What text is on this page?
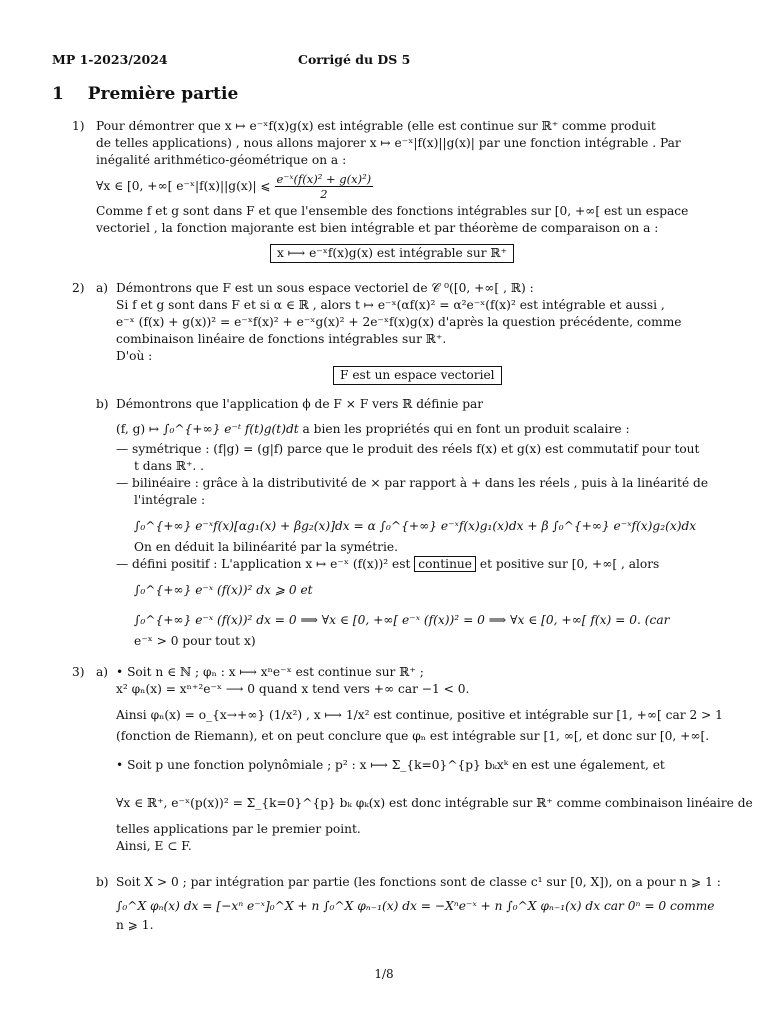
MP 1-2023/2024	Corrigé du DS 5
1 Première partie
1) Pour démontrer que x ↦ e⁻ˣf(x)g(x) est intégrable (elle est continue sur ℝ⁺ comme produit
de telles applications) , nous allons majorer x ↦ e⁻ˣ|f(x)||g(x)| par une fonction intégrable . Par
inégalité arithmético-géométrique on a :
∀x ∈ [0, +∞[ e⁻ˣ|f(x)||g(x)| ⩽ $\frac{\text{e⁻ˣ(f(x)² + g(x)²)}}{2}$
Comme f et g sont dans F et que l'ensemble des fonctions intégrables sur [0, +∞[ est un espace
vectoriel , la fonction majorante est bien intégrable et par théorème de comparaison on a :
x ⟼ e⁻ˣf(x)g(x) est intégrable sur ℝ⁺
2) a) Démontrons que F est un sous espace vectoriel de 𝒞 ⁰([0, +∞[ , ℝ) :
Si f et g sont dans F et si α ∈ ℝ , alors t ↦ e⁻ˣ(αf(x)² = α²e⁻ˣ(f(x)² est intégrable et aussi ,
e⁻ˣ (f(x) + g(x))² = e⁻ˣf(x)² + e⁻ˣg(x)² + 2e⁻ˣf(x)g(x) d'après la question précédente, comme
combinaison linéaire de fonctions intégrables sur ℝ⁺.
D'où :
F est un espace vectoriel
b) Démontrons que l'application ϕ de F × F vers ℝ définie par
(f, g) ↦ ∫₀^{+∞} e⁻ᵗ f(t)g(t)dt a bien les propriétés qui en font un produit scalaire :
— symétrique : (f|g) = (g|f) parce que le produit des réels f(x) et g(x) est commutatif pour tout
t dans ℝ⁺. .
— bilinéaire : grâce à la distributivité de × par rapport à + dans les réels , puis à la linéarité de
l'intégrale :
∫₀^{+∞} e⁻ˣf(x)[αg₁(x) + βg₂(x)]dx = α ∫₀^{+∞} e⁻ˣf(x)g₁(x)dx + β ∫₀^{+∞} e⁻ˣf(x)g₂(x)dx
On en déduit la bilinéarité par la symétrie.
— défini positif : L'application x ↦ e⁻ˣ (f(x))² est continue et positive sur [0, +∞[ , alors
∫₀^{+∞} e⁻ˣ (f(x))² dx ⩾ 0 et
∫₀^{+∞} e⁻ˣ (f(x))² dx = 0 ⟹ ∀x ∈ [0, +∞[ e⁻ˣ (f(x))² = 0 ⟹ ∀x ∈ [0, +∞[ f(x) = 0. (car
e⁻ˣ > 0 pour tout x)
3) a) • Soit n ∈ ℕ ; φₙ : x ⟼ xⁿe⁻ˣ est continue sur ℝ⁺ ;
x² φₙ(x) = xⁿ⁺²e⁻ˣ ⟶ 0 quand x tend vers +∞ car −1 < 0.
Ainsi φₙ(x) = o_{x→+∞} (1/x²) , x ⟼ 1/x² est continue, positive et intégrable sur [1, +∞[ car 2 > 1
(fonction de Riemann), et on peut conclure que φₙ est intégrable sur [1, ∞[, et donc sur [0, +∞[.
• Soit p une fonction polynômiale ; p² : x ⟼ Σ_{k=0}^{p} bₖxᵏ en est une également, et
∀x ∈ ℝ⁺, e⁻ˣ(p(x))² = Σ_{k=0}^{p} bₖ φₖ(x) est donc intégrable sur ℝ⁺ comme combinaison linéaire de
telles applications par le premier point.
Ainsi, E ⊂ F.
b) Soit X > 0 ; par intégration par partie (les fonctions sont de classe c¹ sur [0, X]), on a pour n ⩾ 1 :
∫₀^X φₙ(x) dx = [−xⁿ e⁻ˣ]₀^X + n ∫₀^X φₙ₋₁(x) dx = −Xⁿe⁻ˣ + n ∫₀^X φₙ₋₁(x) dx car 0ⁿ = 0 comme
n ⩾ 1.
1/8
